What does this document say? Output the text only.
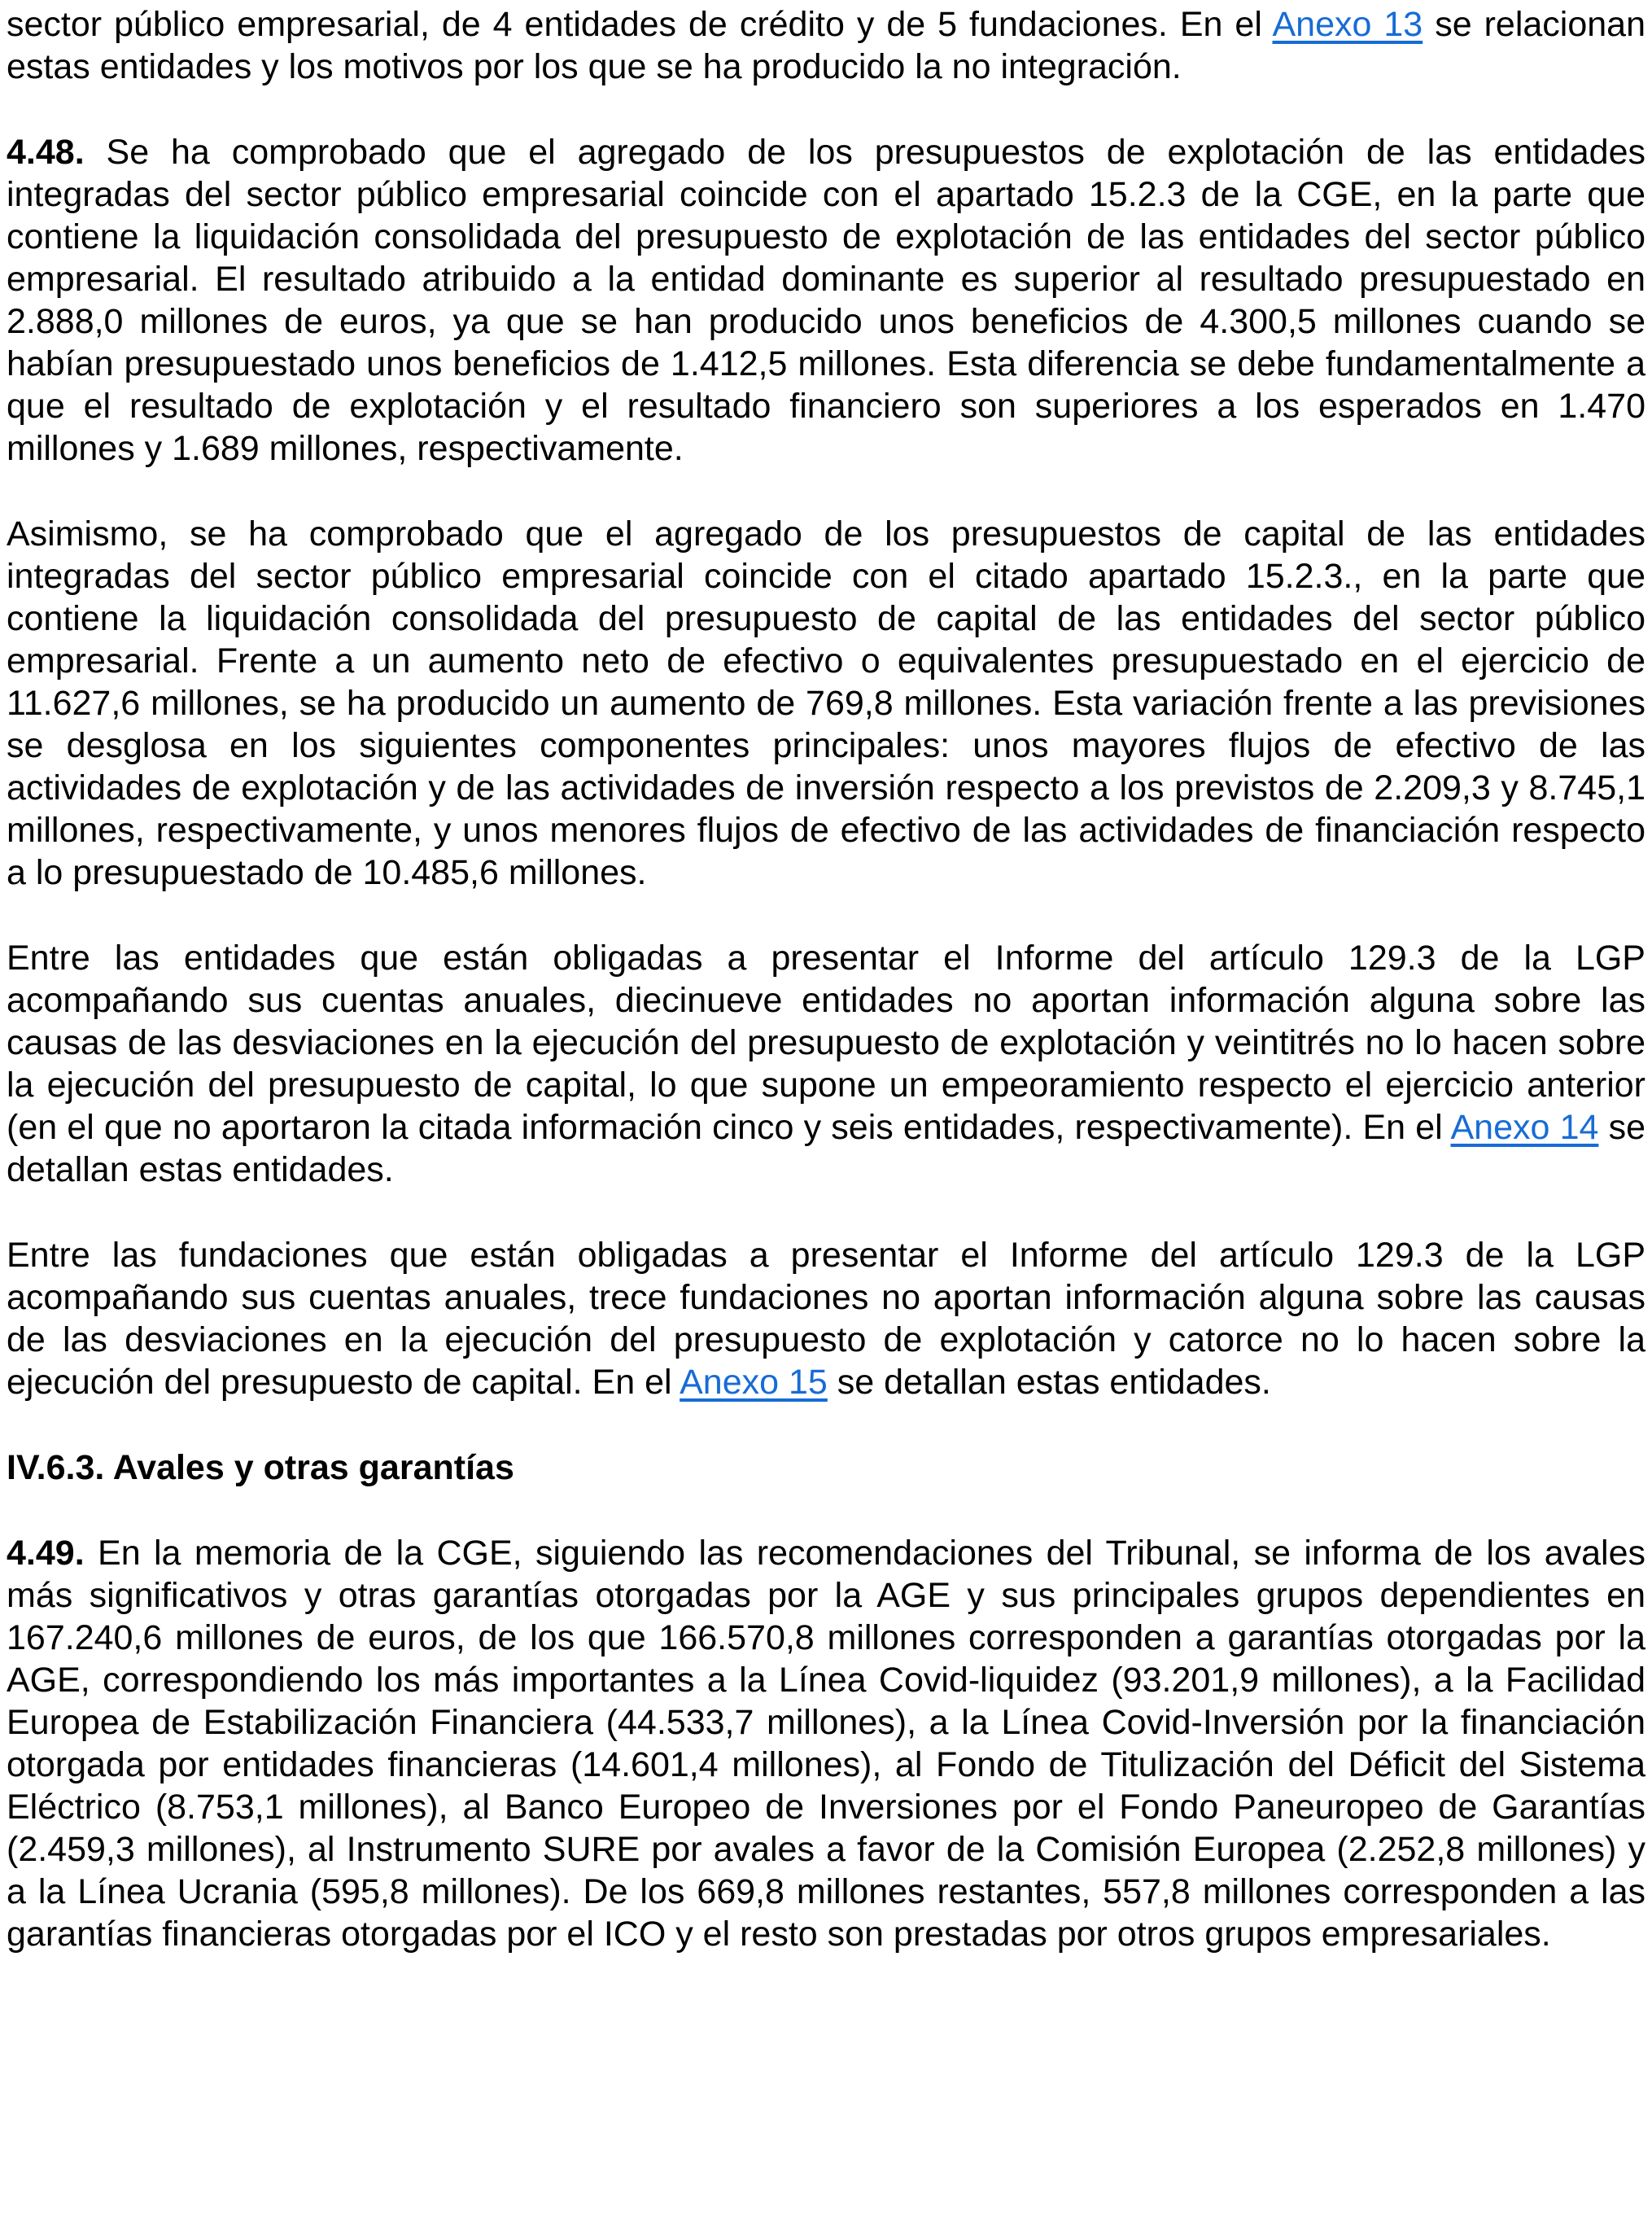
sector público empresarial, de 4 entidades de crédito y de 5 fundaciones. En el Anexo 13 se relacionan estas entidades y los motivos por los que se ha producido la no integración.

4.48. Se ha comprobado que el agregado de los presupuestos de explotación de las entidades integradas del sector público empresarial coincide con el apartado 15.2.3 de la CGE, en la parte que contiene la liquidación consolidada del presupuesto de explotación de las entidades del sector público empresarial. El resultado atribuido a la entidad dominante es superior al resultado presupuestado en 2.888,0 millones de euros, ya que se han producido unos beneficios de 4.300,5 millones cuando se habían presupuestado unos beneficios de 1.412,5 millones. Esta diferencia se debe fundamentalmente a que el resultado de explotación y el resultado financiero son superiores a los esperados en 1.470 millones y 1.689 millones, respectivamente.

Asimismo, se ha comprobado que el agregado de los presupuestos de capital de las entidades integradas del sector público empresarial coincide con el citado apartado 15.2.3., en la parte que contiene la liquidación consolidada del presupuesto de capital de las entidades del sector público empresarial. Frente a un aumento neto de efectivo o equivalentes presupuestado en el ejercicio de 11.627,6 millones, se ha producido un aumento de 769,8 millones. Esta variación frente a las previsiones se desglosa en los siguientes componentes principales: unos mayores flujos de efectivo de las actividades de explotación y de las actividades de inversión respecto a los previstos de 2.209,3 y 8.745,1 millones, respectivamente, y unos menores flujos de efectivo de las actividades de financiación respecto a lo presupuestado de 10.485,6 millones.

Entre las entidades que están obligadas a presentar el Informe del artículo 129.3 de la LGP acompañando sus cuentas anuales, diecinueve entidades no aportan información alguna sobre las causas de las desviaciones en la ejecución del presupuesto de explotación y veintitrés no lo hacen sobre la ejecución del presupuesto de capital, lo que supone un empeoramiento respecto el ejercicio anterior (en el que no aportaron la citada información cinco y seis entidades, respectivamente). En el Anexo 14 se detallan estas entidades.

Entre las fundaciones que están obligadas a presentar el Informe del artículo 129.3 de la LGP acompañando sus cuentas anuales, trece fundaciones no aportan información alguna sobre las causas de las desviaciones en la ejecución del presupuesto de explotación y catorce no lo hacen sobre la ejecución del presupuesto de capital. En el Anexo 15 se detallan estas entidades.

IV.6.3. Avales y otras garantías

4.49. En la memoria de la CGE, siguiendo las recomendaciones del Tribunal, se informa de los avales más significativos y otras garantías otorgadas por la AGE y sus principales grupos dependientes en 167.240,6 millones de euros, de los que 166.570,8 millones corresponden a garantías otorgadas por la AGE, correspondiendo los más importantes a la Línea Covid-liquidez (93.201,9 millones), a la Facilidad Europea de Estabilización Financiera (44.533,7 millones), a la Línea Covid-Inversión por la financiación otorgada por entidades financieras (14.601,4 millones), al Fondo de Titulización del Déficit del Sistema Eléctrico (8.753,1 millones), al Banco Europeo de Inversiones por el Fondo Paneuropeo de Garantías (2.459,3 millones), al Instrumento SURE por avales a favor de la Comisión Europea (2.252,8 millones) y a la Línea Ucrania (595,8 millones). De los 669,8 millones restantes, 557,8 millones corresponden a las garantías financieras otorgadas por el ICO y el resto son prestadas por otros grupos empresariales.
